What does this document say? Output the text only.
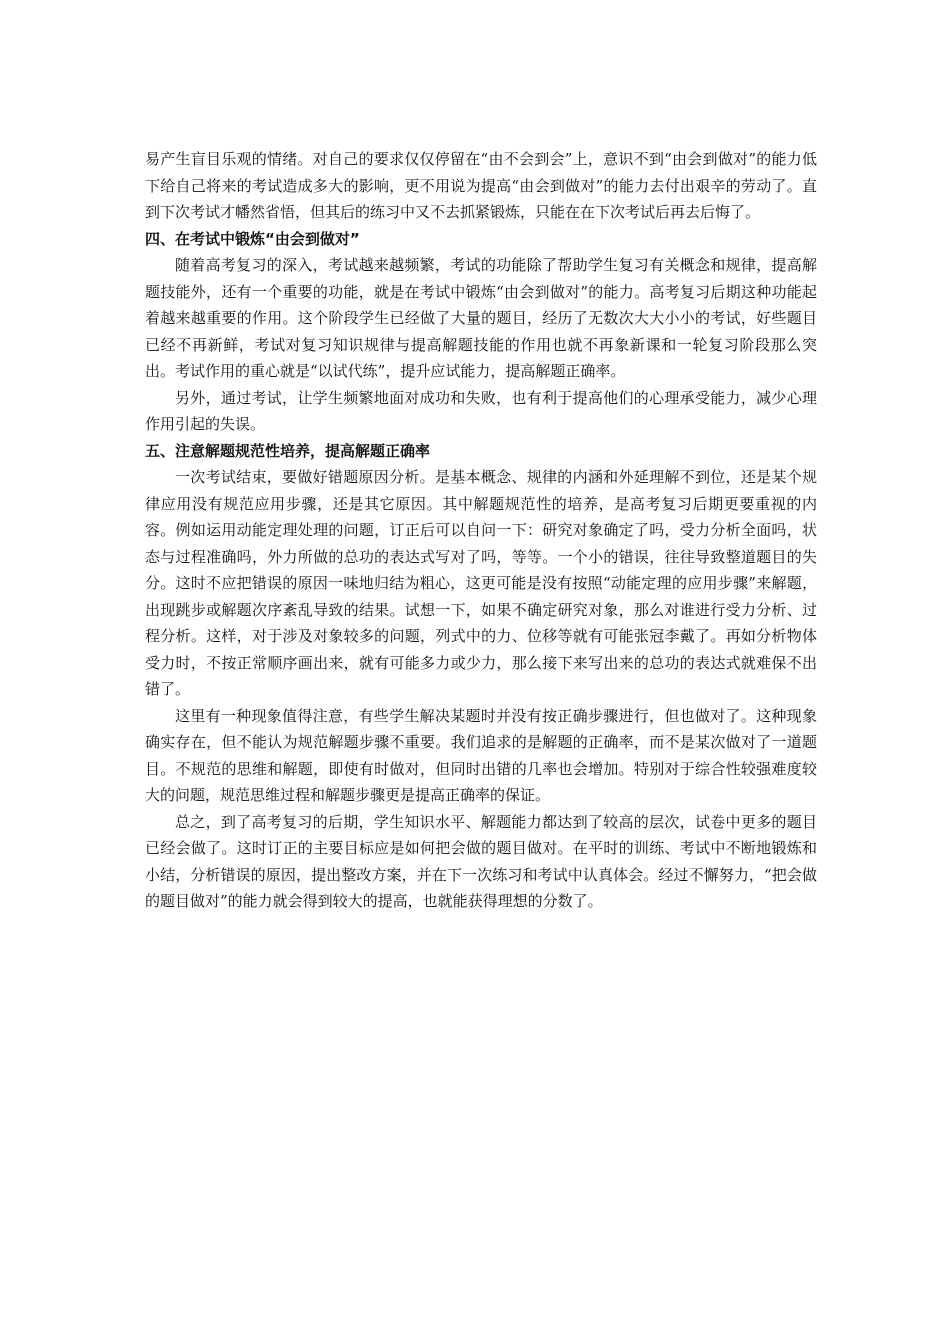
易产生盲目乐观的情绪。对自己的要求仅仅停留在“由不会到会”上，意识不到“由会到做对”的能力低下给自己将来的考试造成多大的影响，更不用说为提高“由会到做对”的能力去付出艰辛的劳动了。直到下次考试才幡然省悟，但其后的练习中又不去抓紧锻炼，只能在在下次考试后再去后悔了。

四、在考试中锻炼“由会到做对”

随着高考复习的深入，考试越来越频繁，考试的功能除了帮助学生复习有关概念和规律，提高解题技能外，还有一个重要的功能，就是在考试中锻炼“由会到做对”的能力。高考复习后期这种功能起着越来越重要的作用。这个阶段学生已经做了大量的题目，经历了无数次大大小小的考试，好些题目已经不再新鲜，考试对复习知识规律与提高解题技能的作用也就不再象新课和一轮复习阶段那么突出。考试作用的重心就是“以试代练”，提升应试能力，提高解题正确率。

另外，通过考试，让学生频繁地面对成功和失败，也有利于提高他们的心理承受能力，减少心理作用引起的失误。

五、注意解题规范性培养，提高解题正确率

一次考试结束，要做好错题原因分析。是基本概念、规律的内涵和外延理解不到位，还是某个规律应用没有规范应用步骤，还是其它原因。其中解题规范性的培养，是高考复习后期更要重视的内容。例如运用动能定理处理的问题，订正后可以自问一下：研究对象确定了吗，受力分析全面吗，状态与过程准确吗，外力所做的总功的表达式写对了吗，等等。一个小的错误，往往导致整道题目的失分。这时不应把错误的原因一味地归结为粗心，这更可能是没有按照“动能定理的应用步骤”来解题，出现跳步或解题次序紊乱导致的结果。试想一下，如果不确定研究对象，那么对谁进行受力分析、过程分析。这样，对于涉及对象较多的问题，列式中的力、位移等就有可能张冠李戴了。再如分析物体受力时，不按正常顺序画出来，就有可能多力或少力，那么接下来写出来的总功的表达式就难保不出错了。

这里有一种现象值得注意，有些学生解决某题时并没有按正确步骤进行，但也做对了。这种现象确实存在，但不能认为规范解题步骤不重要。我们追求的是解题的正确率，而不是某次做对了一道题目。不规范的思维和解题，即使有时做对，但同时出错的几率也会增加。特别对于综合性较强难度较大的问题，规范思维过程和解题步骤更是提高正确率的保证。

总之，到了高考复习的后期，学生知识水平、解题能力都达到了较高的层次，试卷中更多的题目已经会做了。这时订正的主要目标应是如何把会做的题目做对。在平时的训练、考试中不断地锻炼和小结，分析错误的原因，提出整改方案，并在下一次练习和考试中认真体会。经过不懈努力，“把会做的题目做对”的能力就会得到较大的提高，也就能获得理想的分数了。
